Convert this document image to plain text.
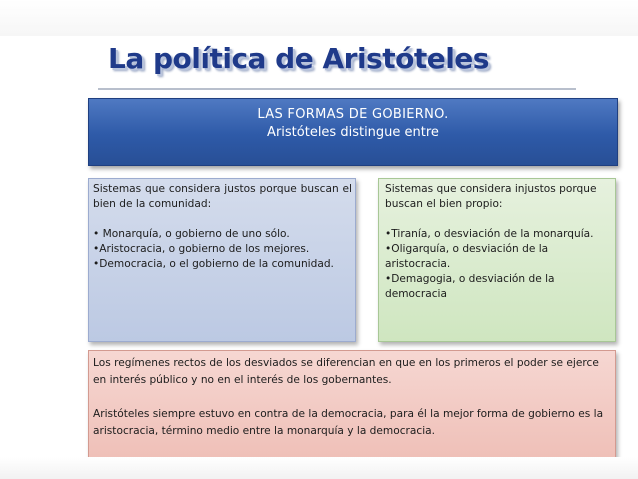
La política de Aristóteles
LAS FORMAS DE GOBIERNO.
Aristóteles distingue entre

Sistemas que considera justos porque buscan el bien de la comunidad:

• Monarquía, o gobierno de uno sólo.

•Aristocracia, o gobierno de los mejores.

•Democracia, o el gobierno de la comunidad.

Sistemas que considera injustos porque buscan el bien propio:

•Tiranía, o desviación de la monarquía.

•Oligarquía, o desviación de la aristocracia.

•Demagogia, o desviación de la democracia

Los regímenes rectos de los desviados se diferencian en que en los primeros el poder se ejerce en interés público y no en el interés de los gobernantes.

Aristóteles siempre estuvo en contra de la democracia, para él la mejor forma de gobierno es la aristocracia, término medio entre la monarquía y la democracia.
